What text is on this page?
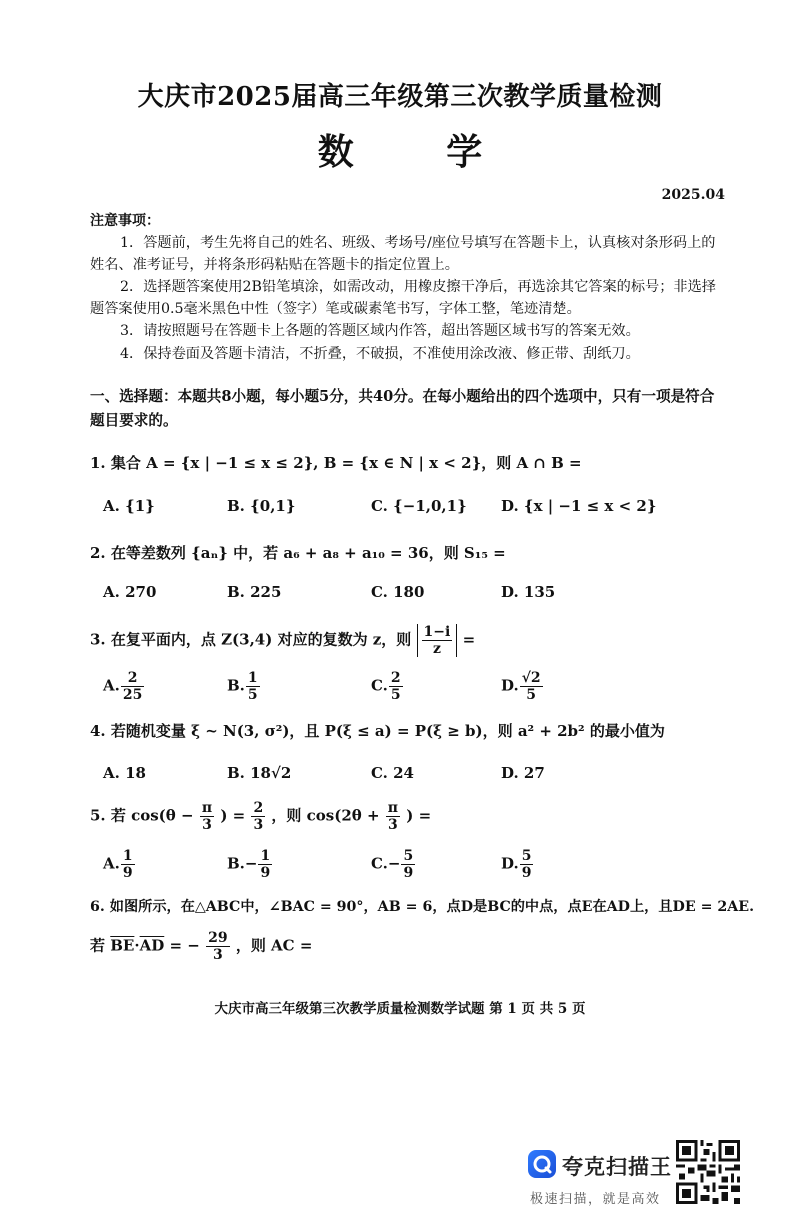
大庆市2025届高三年级第三次教学质量检测
数 学
2025.04
注意事项：

1．答题前，考生先将自己的姓名、班级、考场号/座位号填写在答题卡上，认真核对条形码上的姓名、准考证号，并将条形码粘贴在答题卡的指定位置上。

2．选择题答案使用2B铅笔填涂，如需改动，用橡皮擦干净后，再选涂其它答案的标号；非选择题答案使用0.5毫米黑色中性（签字）笔或碳素笔书写，字体工整，笔迹清楚。

3．请按照题号在答题卡上各题的答题区域内作答，超出答题区域书写的答案无效。

4．保持卷面及答题卡清洁，不折叠，不破损，不准使用涂改液、修正带、刮纸刀。

一、选择题：本题共8小题，每小题5分，共40分。在每小题给出的四个选项中，只有一项是符合题目要求的。
1. 集合 A = {x | −1 ≤ x ≤ 2}, B = {x ∈ N | x < 2}，则 A ∩ B =
A. {1}	B. {0,1}	C. {−1,0,1} D. {x | −1 ≤ x < 2}
2. 在等差数列 {aₙ} 中，若 a₆ + a₈ + a₁₀ = 36，则 S₁₅ =
A. 270	B. 225	C. 180	D. 135
3. 在复平面内，点 Z(3,4) 对应的复数为 z，则 $\frac{1-i}{z}$ =
A. $\frac{2}{25}$	B. $\frac{1}{5}$	C. $\frac{2}{5}$	D. $\frac{√2}{5}$
4. 若随机变量 ξ ~ N(3, σ²)，且 P(ξ ≤ a) = P(ξ ≥ b)，则 a² + 2b² 的最小值为
A. 18	B. 18√2	C. 24	D. 27
5. 若 $\cos(\theta - \frac{\pi}{3}$ ) = $\frac{2}{3}$ ，则 $\cos(2\theta + \frac{\pi}{3}$ ) =
A. $\frac{1}{9}$	$B.- \frac{1}{9}$	$C.- \frac{5}{9}$	D. $\frac{5}{9}$
6. 如图所示，在△ABC中，∠BAC = 90°，AB = 6，点D是BC的中点，点E在AD上，且DE = 2AE.
若 $\overline{BE}\cdot\overline{AD}$ = − $\frac{29}{3}$ ，则 AC =
大庆市高三年级第三次教学质量检测数学试题 第 1 页 共 5 页
夸克扫描王
极速扫描，就是高效
